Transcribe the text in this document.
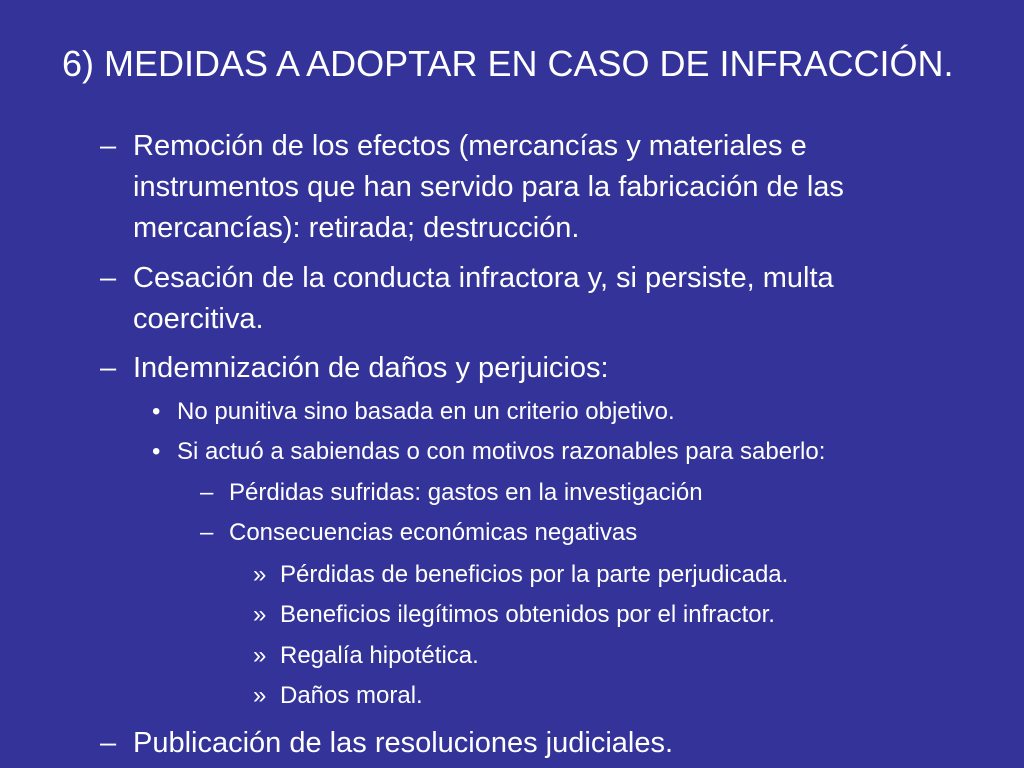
6) MEDIDAS A ADOPTAR EN CASO DE INFRACCIÓN.
– Remoción de los efectos (mercancías y materiales e instrumentos que han servido para la fabricación de las mercancías): retirada; destrucción.
– Cesación de la conducta infractora y, si persiste, multa coercitiva.
– Indemnización de daños y perjuicios:
• No punitiva sino basada en un criterio objetivo.
• Si actuó a sabiendas o con motivos razonables para saberlo:
– Pérdidas sufridas: gastos en la investigación
– Consecuencias económicas negativas
» Pérdidas de beneficios por la parte perjudicada.
» Beneficios ilegítimos obtenidos por el infractor.
» Regalía hipotética.
» Daños moral.
– Publicación de las resoluciones judiciales.
